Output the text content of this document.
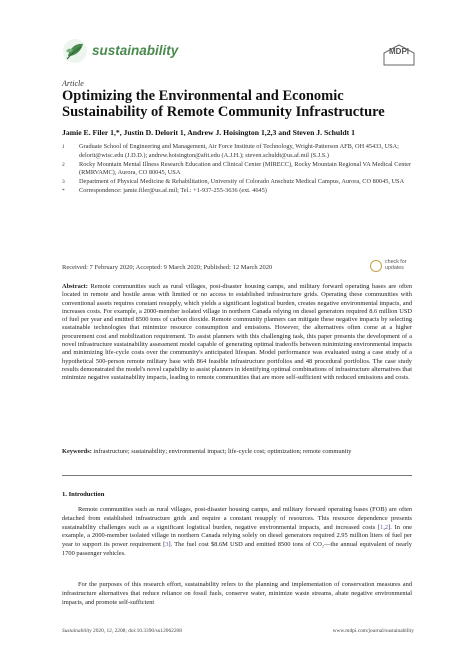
sustainability	MDPI
Article
Optimizing the Environmental and Economic Sustainability of Remote Community Infrastructure
Jamie E. Filer 1,*, Justin D. Delorit 1, Andrew J. Hoisington 1,2,3 and Steven J. Schuldt 1
1 Graduate School of Engineering and Management, Air Force Institute of Technology, Wright-Patterson AFB, OH 45433, USA; delorit@wisc.edu (J.D.D.); andrew.hoisington@afit.edu (A.J.H.); steven.schuldt@us.af.mil (S.J.S.)
2 Rocky Mountain Mental Illness Research Education and Clinical Center (MIRECC), Rocky Mountain Regional VA Medical Center (RMRVAMC), Aurora, CO 80045, USA
3 Department of Physical Medicine & Rehabilitation, University of Colorado Anschutz Medical Campus, Aurora, CO 80045, USA
* Correspondence: jamie.filer@us.af.mil; Tel.: +1-937-255-3636 (ext. 4645)
Received: 7 February 2020; Accepted: 9 March 2020; Published: 12 March 2020
check for
updates
Abstract: Remote communities such as rural villages, post-disaster housing camps, and military forward operating bases are often located in remote and hostile areas with limited or no access to established infrastructure grids. Operating these communities with conventional assets requires constant resupply, which yields a significant logistical burden, creates negative environmental impacts, and increases costs. For example, a 2000-member isolated village in northern Canada relying on diesel generators required 8.6 million USD of fuel per year and emitted 8500 tons of carbon dioxide. Remote community planners can mitigate these negative impacts by selecting sustainable technologies that minimize resource consumption and emissions. However, the alternatives often come at a higher procurement cost and mobilization requirement. To assist planners with this challenging task, this paper presents the development of a novel infrastructure sustainability assessment model capable of generating optimal tradeoffs between minimizing environmental impacts and minimizing life-cycle costs over the community's anticipated lifespan. Model performance was evaluated using a case study of a hypothetical 500-person remote military base with 864 feasible infrastructure portfolios and 48 procedural portfolios. The case study results demonstrated the model's novel capability to assist planners in identifying optimal combinations of infrastructure alternatives that minimize negative sustainability impacts, leading to remote communities that are more self-sufficient with reduced emissions and costs.
Keywords: infrastructure; sustainability; environmental impact; life-cycle cost; optimization; remote community
1. Introduction
Remote communities such as rural villages, post-disaster housing camps, and military forward operating bases (FOB) are often detached from established infrastructure grids and require a constant resupply of resources. This resource dependence presents sustainability challenges such as a significant logistical burden, negative environmental impacts, and increased costs [1,2]. In one example, a 2000-member isolated village in northern Canada relying solely on diesel generators required 2.95 million liters of fuel per year to support its power requirement [3]. The fuel cost $8.6M USD and emitted 8500 tons of CO₂—the annual equivalent of nearly 1700 passenger vehicles.
For the purposes of this research effort, sustainability refers to the planning and implementation of conservation measures and infrastructure alternatives that reduce reliance on fossil fuels, conserve water, minimize waste streams, abate negative environmental impacts, and promote self-sufficient
Sustainability 2020, 12, 2208; doi:10.3390/su12062208	www.mdpi.com/journal/sustainability
